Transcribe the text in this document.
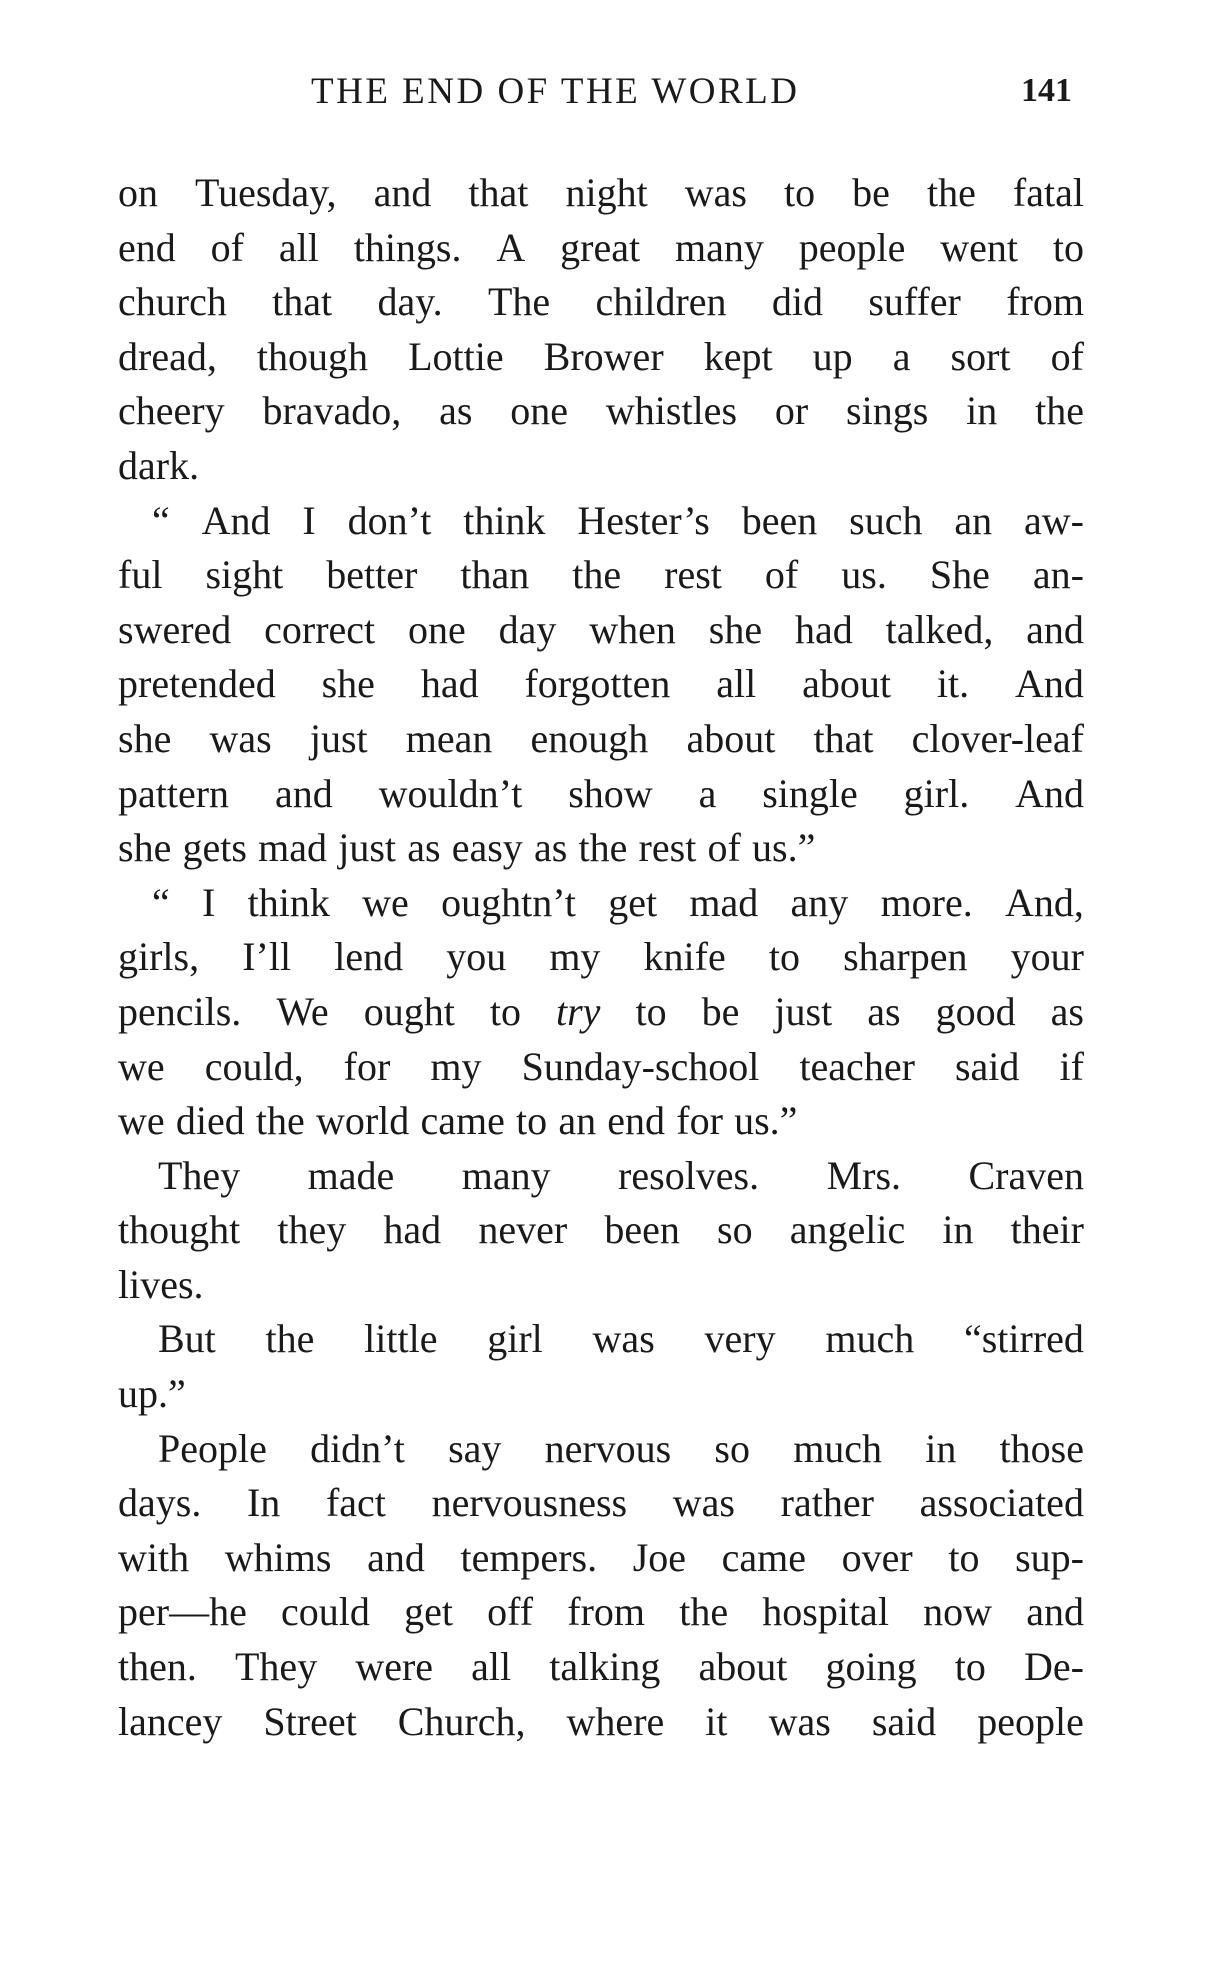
THE END OF THE WORLD	141
on Tuesday, and that night was to be the fatal
end of all things. A great many people went to
church that day. The children did suffer from
dread, though Lottie Brower kept up a sort of
cheery bravado, as one whistles or sings in the
dark.
“ And I don’t think Hester’s been such an aw-
ful sight better than the rest of us. She an-
swered correct one day when she had talked, and
pretended she had forgotten all about it. And
she was just mean enough about that clover-leaf
pattern and wouldn’t show a single girl. And
she gets mad just as easy as the rest of us.”
“ I think we oughtn’t get mad any more. And,
girls, I’ll lend you my knife to sharpen your
pencils. We ought to try to be just as good as
we could, for my Sunday-school teacher said if
we died the world came to an end for us.”
They made many resolves. Mrs. Craven
thought they had never been so angelic in their
lives.
But the little girl was very much “stirred
up.”
People didn’t say nervous so much in those
days. In fact nervousness was rather associated
with whims and tempers. Joe came over to sup-
per—he could get off from the hospital now and
then. They were all talking about going to De-
lancey Street Church, where it was said people
